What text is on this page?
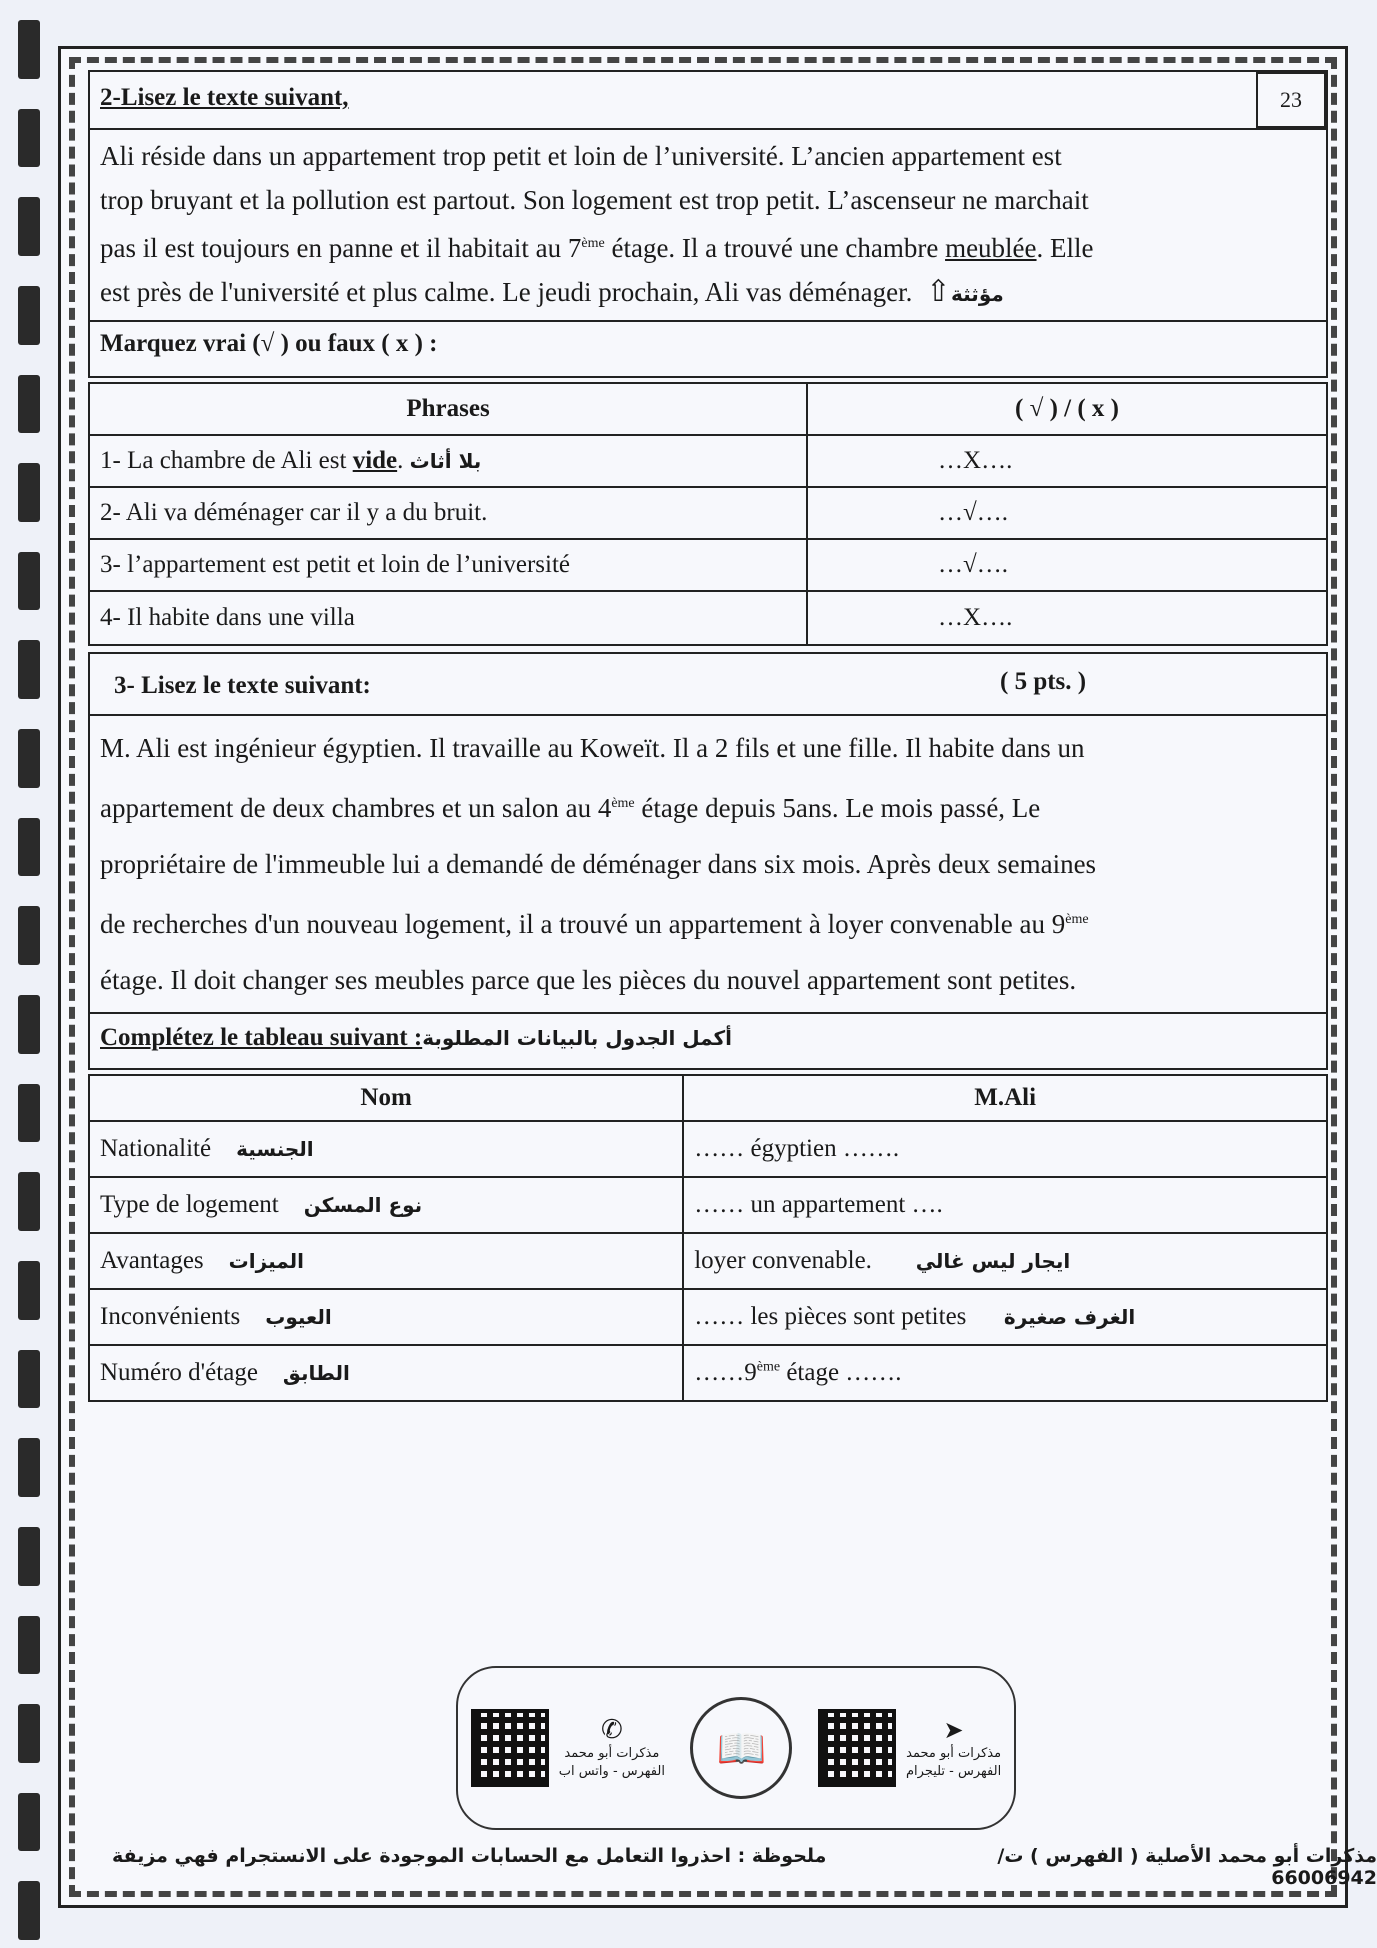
2-Lisez le texte suivant,	23
Ali réside dans un appartement trop petit et loin de l’université. L’ancien appartement est
trop bruyant et la pollution est partout. Son logement est trop petit. L’ascenseur ne marchait
pas il est toujours en panne et il habitait au 7ème étage. Il a trouvé une chambre meublée. Elle
est près de l'université et plus calme. Le jeudi prochain, Ali vas déménager. ⇧مؤثثة
Marquez vrai (√ ) ou faux ( x ) :
Phrases	( √ ) / ( x )
1- La chambre de Ali est vide. بلا أثاث	…X….
2- Ali va déménager car il y a du bruit.	…√….
3- l’appartement est petit et loin de l’université	…√….
4- Il habite dans une villa	…X….
3- Lisez le texte suivant:	( 5 pts. )
M. Ali est ingénieur égyptien. Il travaille au Koweït. Il a 2 fils et une fille. Il habite dans un
appartement de deux chambres et un salon au 4ème étage depuis 5ans. Le mois passé, Le
propriétaire de l'immeuble lui a demandé de déménager dans six mois. Après deux semaines
de recherches d'un nouveau logement, il a trouvé un appartement à loyer convenable au 9ème
étage. Il doit changer ses meubles parce que les pièces du nouvel appartement sont petites.
Complétez le tableau suivant :أكمل الجدول بالبيانات المطلوبة
Nom	M.Ali
Nationalité الجنسية	…… égyptien …….
Type de logement نوع المسكن	…… un appartement ….
Avantages الميزات	loyer convenable. ايجار ليس غالي
Inconvénients العيوب	…… les pièces sont petites الغرف صغيرة
Numéro d'étage الطابق	……9ème étage …….
✆
مذكرات أبو محمد
الفهرس - واتس اب
📖	➤
مذكرات أبو محمد
الفهرس - تليجرام
ملحوظة : احذروا التعامل مع الحسابات الموجودة على الانستجرام فهي مزيفة	مذكرات أبو محمد الأصلية ( الفهرس ) ت/ 66006942
